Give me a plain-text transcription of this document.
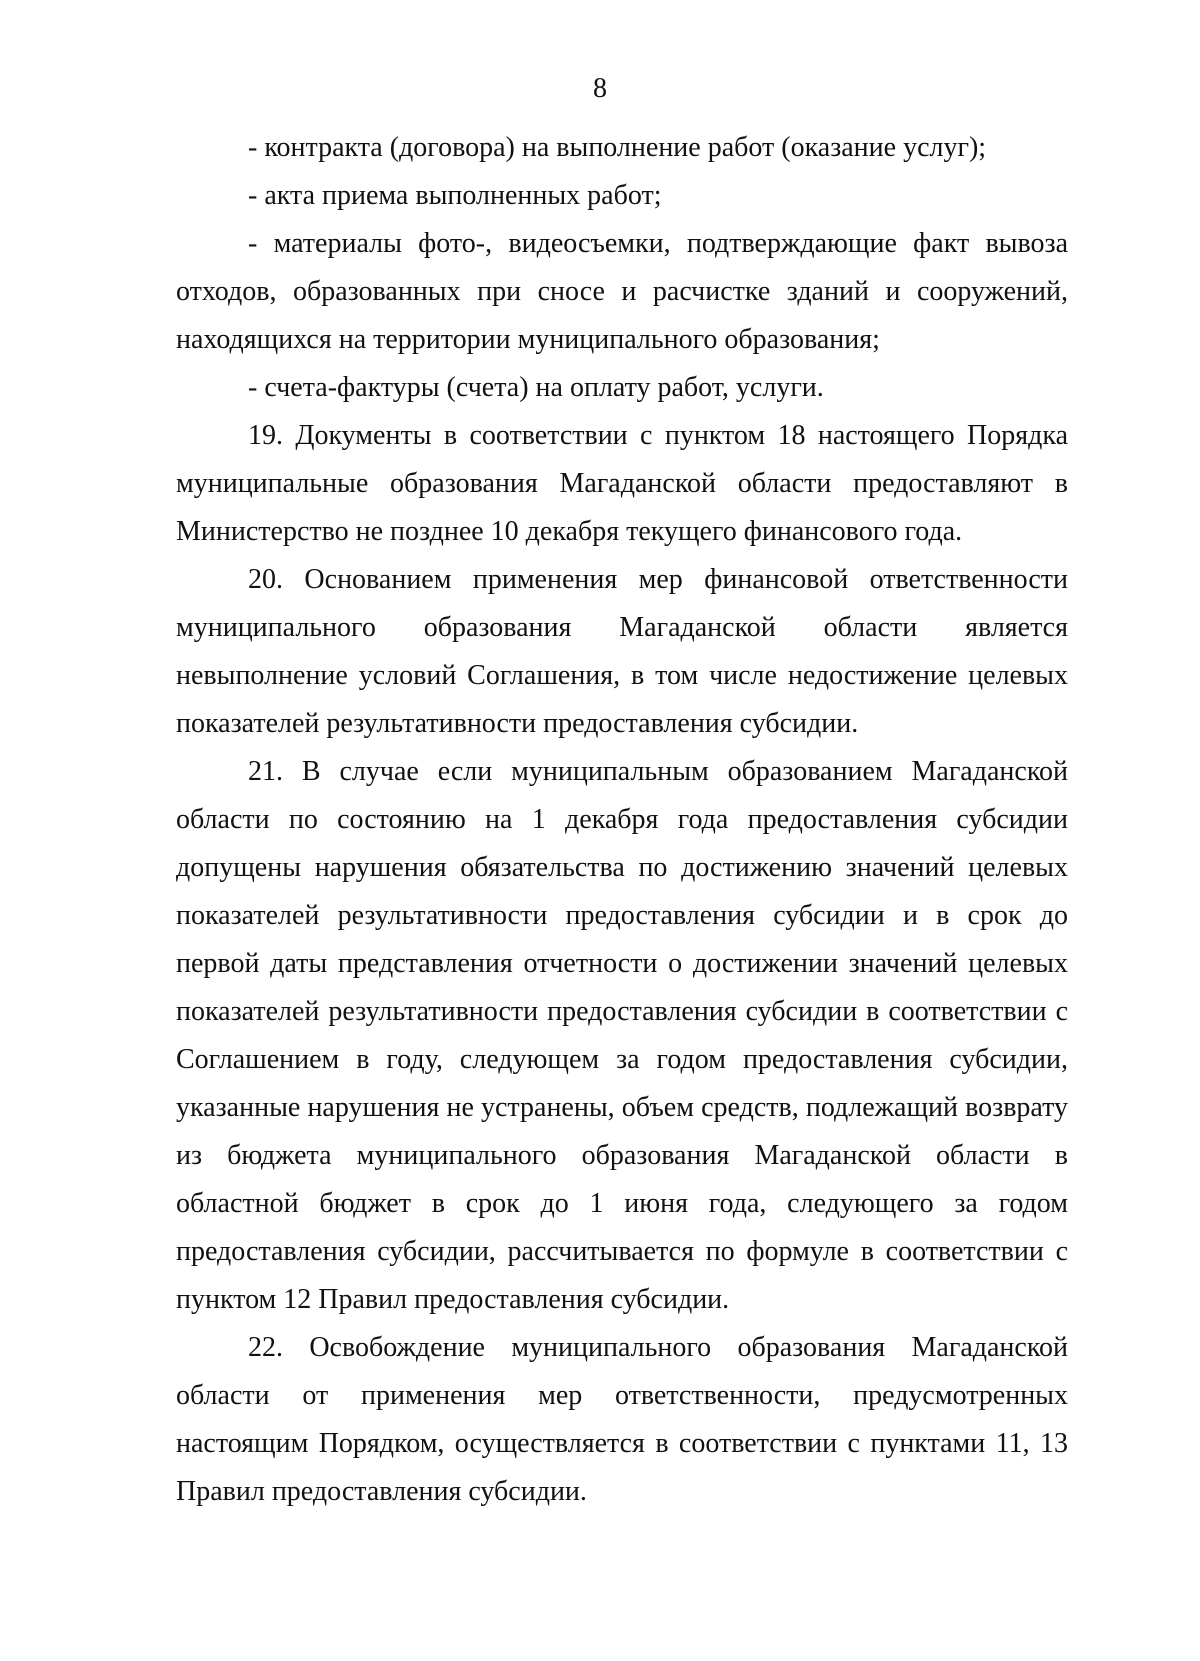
8

- контракта (договора) на выполнение работ (оказание услуг);

- акта приема выполненных работ;

- материалы фото-, видеосъемки, подтверждающие факт вывоза отходов, образованных при сносе и расчистке зданий и сооружений, находящихся на территории муниципального образования;

- счета-фактуры (счета) на оплату работ, услуги.

19. Документы в соответствии с пунктом 18 настоящего Порядка муниципальные образования Магаданской области предоставляют в Министерство не позднее 10 декабря текущего финансового года.

20. Основанием применения мер финансовой ответственности муниципального образования Магаданской области является невыполнение условий Соглашения, в том числе недостижение целевых показателей результативности предоставления субсидии.

21. В случае если муниципальным образованием Магаданской области по состоянию на 1 декабря года предоставления субсидии допущены нарушения обязательства по достижению значений целевых показателей результативности предоставления субсидии и в срок до первой даты представления отчетности о достижении значений целевых показателей результативности предоставления субсидии в соответствии с Соглашением в году, следующем за годом предоставления субсидии, указанные нарушения не устранены, объем средств, подлежащий возврату из бюджета муниципального образования Магаданской области в областной бюджет в срок до 1 июня года, следующего за годом предоставления субсидии, рассчитывается по формуле в соответствии с пунктом 12 Правил предоставления субсидии.

22. Освобождение муниципального образования Магаданской области от применения мер ответственности, предусмотренных настоящим Порядком, осуществляется в соответствии с пунктами 11, 13 Правил предоставления субсидии.
